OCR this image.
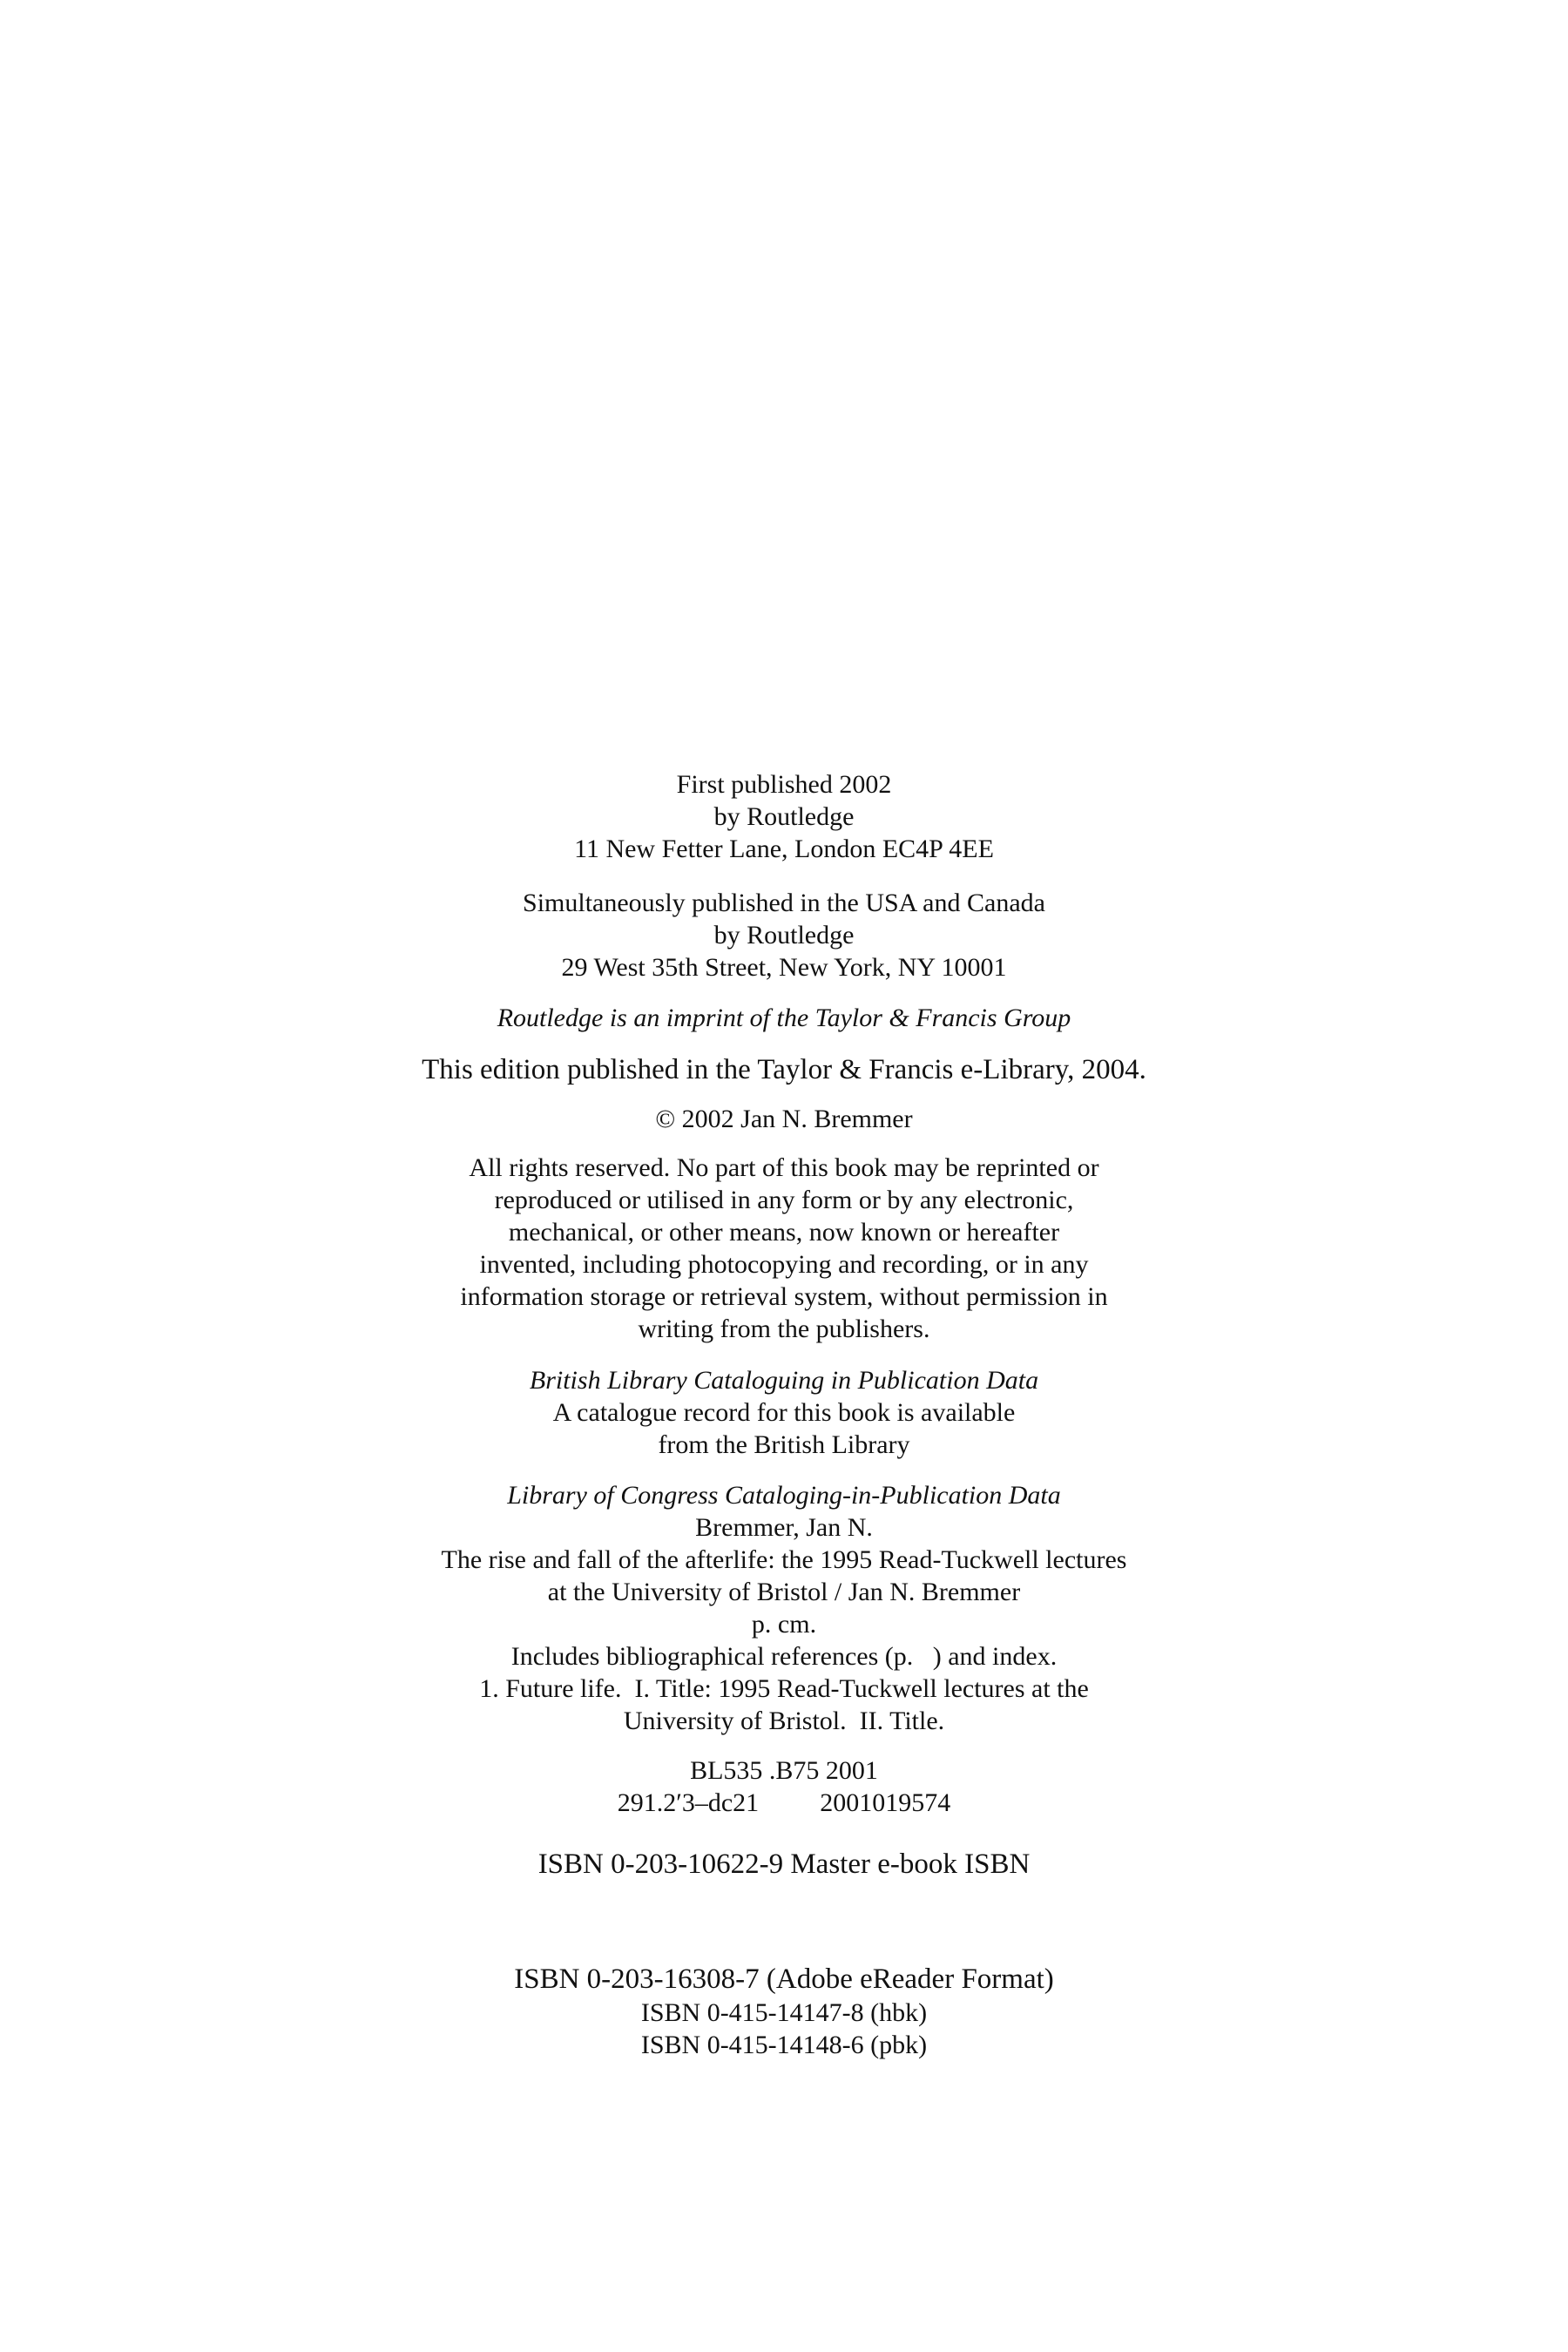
First published 2002
by Routledge
11 New Fetter Lane, London EC4P 4EE
Simultaneously published in the USA and Canada
by Routledge
29 West 35th Street, New York, NY 10001
Routledge is an imprint of the Taylor & Francis Group
This edition published in the Taylor & Francis e-Library, 2004.
© 2002 Jan N. Bremmer
All rights reserved. No part of this book may be reprinted or
reproduced or utilised in any form or by any electronic,
mechanical, or other means, now known or hereafter
invented, including photocopying and recording, or in any
information storage or retrieval system, without permission in
writing from the publishers.
British Library Cataloguing in Publication Data
A catalogue record for this book is available
from the British Library
Library of Congress Cataloging-in-Publication Data
Bremmer, Jan N.
The rise and fall of the afterlife: the 1995 Read-Tuckwell lectures
at the University of Bristol / Jan N. Bremmer
p. cm.
Includes bibliographical references (p.   ) and index.
1. Future life.  I. Title: 1995 Read-Tuckwell lectures at the
University of Bristol.  II. Title.
BL535 .B75 2001
291.2′3–dc21 2001019574
ISBN 0-203-10622-9 Master e-book ISBN
ISBN 0-203-16308-7 (Adobe eReader Format)
ISBN 0-415-14147-8 (hbk)
ISBN 0-415-14148-6 (pbk)
